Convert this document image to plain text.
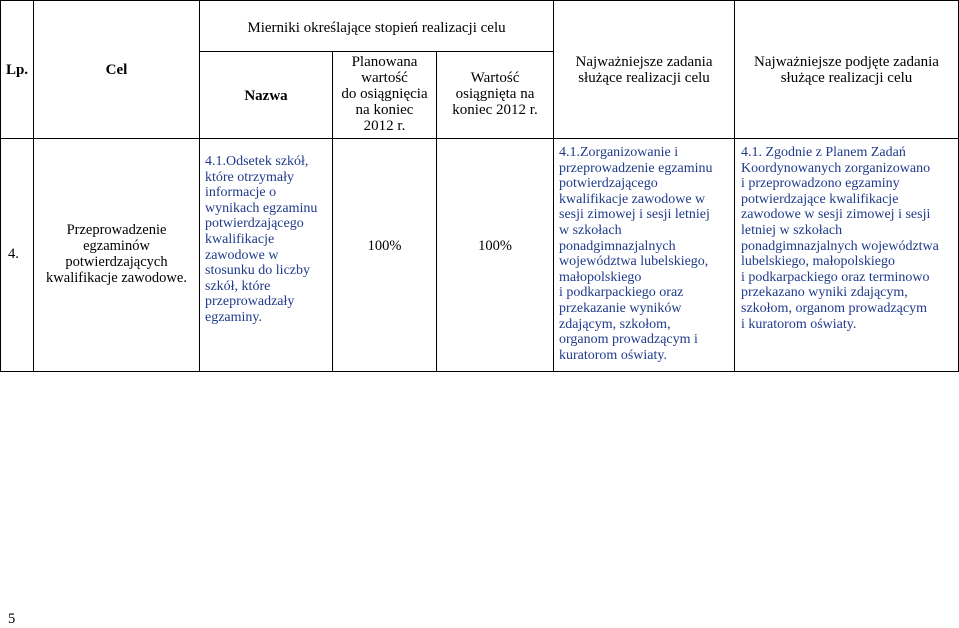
Lp.	Cel
Mierniki określające stopień realizacji celu
Nazwa
Planowana
wartość
do osiągnięcia
na koniec
2012 r.
Wartość
osiągnięta na
koniec 2012 r.
Najważniejsze zadania
służące realizacji celu
Najważniejsze podjęte zadania
służące realizacji celu
4.
Przeprowadzenie
egzaminów
potwierdzających
kwalifikacje zawodowe.
4.1.Odsetek szkół,
które otrzymały
informacje o
wynikach egzaminu
potwierdzającego
kwalifikacje
zawodowe w
stosunku do liczby
szkół, które
przeprowadzały
egzaminy.
100%	100%
4.1.Zorganizowanie i
przeprowadzenie egzaminu
potwierdzającego
kwalifikacje zawodowe w
sesji zimowej i sesji letniej
w szkołach
ponadgimnazjalnych
województwa lubelskiego,
małopolskiego
i podkarpackiego oraz
przekazanie wyników
zdającym, szkołom,
organom prowadzącym i
kuratorom oświaty.
4.1. Zgodnie z Planem Zadań
Koordynowanych zorganizowano
i przeprowadzono egzaminy
potwierdzające kwalifikacje
zawodowe w sesji zimowej i sesji
letniej w szkołach
ponadgimnazjalnych województwa
lubelskiego, małopolskiego
i podkarpackiego oraz terminowo
przekazano wyniki zdającym,
szkołom, organom prowadzącym
i kuratorom oświaty.
5
